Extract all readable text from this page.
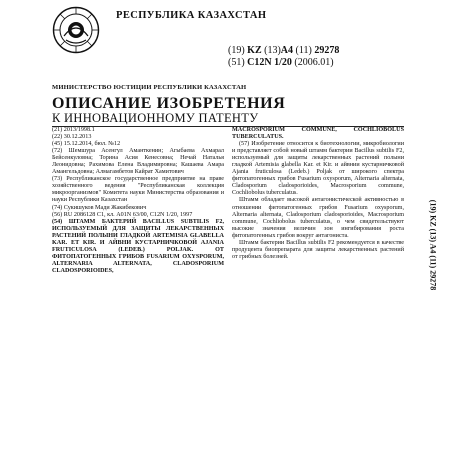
РЕСПУБЛИКА КАЗАХСТАН
(19) KZ (13)A4 (11) 29278
(51) C12N 1/20 (2006.01)
МИНИСТЕРСТВО ЮСТИЦИИ РЕСПУБЛИКИ КАЗАХСТАН
ОПИСАНИЕ ИЗОБРЕТЕНИЯ
К ИННОВАЦИОННОМУ ПАТЕНТУ

(21) 2013/1998.1

(22) 30.12.2013

(45) 15.12.2014, бюл. №12

(72) Шемшура Асенгул Аманткенин; Агыбаева Ахмарал Бейсенкуловна; Торина Асия Кенесовна; Нечай Наталья Леонидовна; Рахимова Елена Владимировна; Кашаева Амара Амангельдовна; Алмагамбетов Кайрат Хамитович

(73) Республиканское государственное предприятие на праве хозяйственного ведения "Республиканская коллекция микроорганизмов" Комитета науки Министерства образования и науки Республики Казахстан

(74) Сукишуков Мади Жакибекович

(56) RU 2086128 C1, кл. A01N 63/00, C12N 1/20, 1997

(54) ШТАММ БАКТЕРИЙ BACILLUS SUBTILIS F2, ИСПОЛЬЗУЕМЫЙ ДЛЯ ЗАЩИТЫ ЛЕКАРСТВЕННЫХ РАСТЕНИЙ ПОЛЫНИ ГЛАДКОЙ ARTEMISIA GLABELLA KAR. ET KIR. И АЙВНИ КУСТАРНИЧКОВОЙ AJANIA FRUTICULOSA (LEDEB.) POLJAK. ОТ ФИТОПАТОГЕННЫХ ГРИБОВ FUSARIUM OXYSPORUM, ALTERNARIA ALTERNATA, CLADOSPORIUM CLADOSPORIOIDES,

MACROSPORIUM COMMUNE, COCHLIOBOLUS TUBERCULATUS.

(57) Изобретение относится к биотехнологии, микробиологии и представляет собой новый штамм бактерии Bacillus subtilis F2, используемый для защиты лекарственных растений полыни гладкой Artemisia glabella Kar. et Kir. и айвнии кустарничковой Ajania fruticulosa (Ledeb.) Poljak от широкого спектра фитопатогенных грибов Fusarium oxysporum, Alternaria alternata, Cladosporium cladosporioides, Macrosporium commune, Cochliobolus tuberculatus.

Штамм обладает высокой антагонистической активностью в отношении фитопатогенных грибов Fusarium oxysporum, Alternaria alternata, Cladosporium cladosporioides, Macrosporium commune, Cochliobolus tuberculatus, о чем свидетельствуют высокие значения величин зон ингибирования роста фитопатогенных грибов вокруг антагониста.

Штамм бактерии Bacillus subtilis F2 рекомендуется в качестве продуцента биопрепарата для защиты лекарственных растений от грибных болезней.	(19) KZ (13) A4 (11) 29278
